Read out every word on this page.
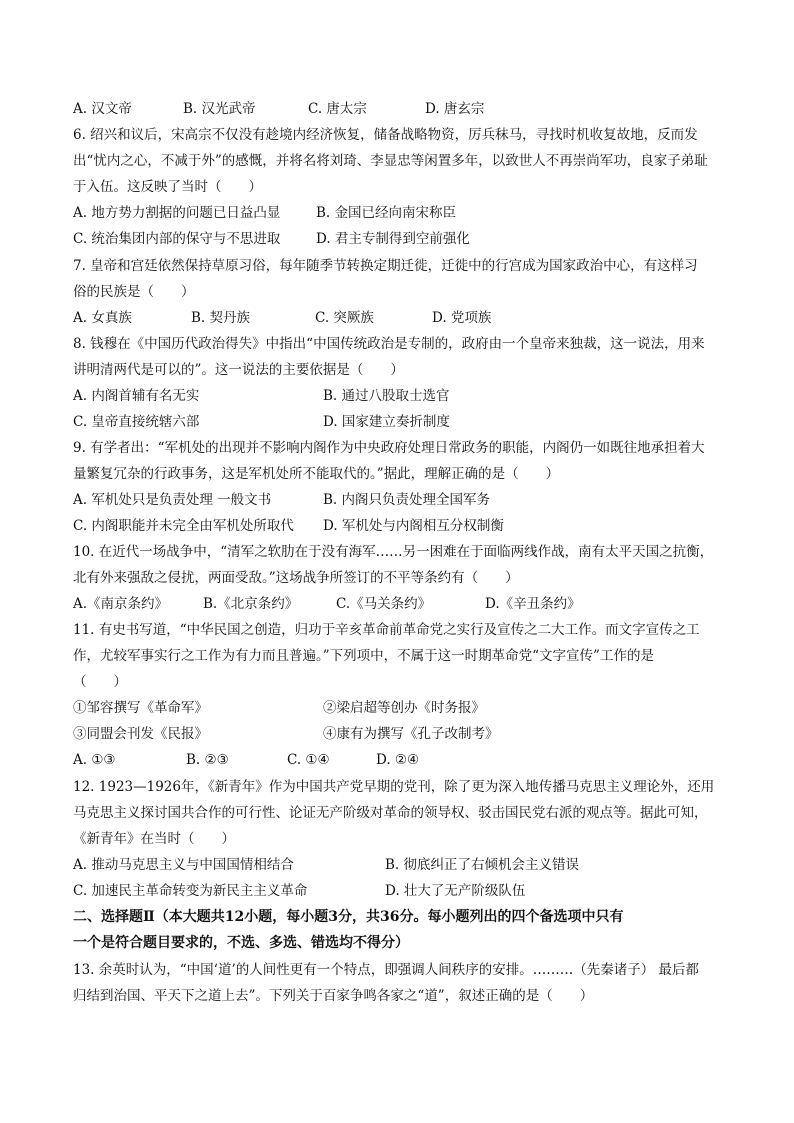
A. 汉文帝	B. 汉光武帝	C. 唐太宗	D. 唐玄宗
6. 绍兴和议后，宋高宗不仅没有趁境内经济恢复，储备战略物资，厉兵秣马，寻找时机收复故地，反而发
出“忧内之心，不减于外”的感慨，并将名将刘琦、李显忠等闲置多年，以致世人不再崇尚军功，良家子弟耻
于入伍。这反映了当时（　　）
A. 地方势力割据的问题已日益凸显	B. 金国已经向南宋称臣
C. 统治集团内部的保守与不思进取	D. 君主专制得到空前强化
7. 皇帝和宫廷依然保持草原习俗，每年随季节转换定期迁徙，迁徙中的行宫成为国家政治中心，有这样习
俗的民族是（　　）
A. 女真族	B. 契丹族	C. 突厥族	D. 党项族
8. 钱穆在《中国历代政治得失》中指出“中国传统政治是专制的，政府由一个皇帝来独裁，这一说法，用来
讲明清两代是可以的”。这一说法的主要依据是（　　）
A. 内阁首辅有名无实	B. 通过八股取士选官
C. 皇帝直接统辖六部	D. 国家建立奏折制度
9. 有学者出：“军机处的出现并不影响内阁作为中央政府处理日常政务的职能，内阁仍一如既往地承担着大
量繁复冗杂的行政事务，这是军机处所不能取代的。”据此，理解正确的是（　　）
A. 军机处只是负责处理 一般文书	B. 内阁只负责处理全国军务
C. 内阁职能并未完全由军机处所取代 D. 军机处与内阁相互分权制衡
10. 在近代一场战争中，“清军之软肋在于没有海军……另一困难在于面临两线作战，南有太平天国之抗衡，
北有外来强敌之侵扰，两面受敌。”这场战争所签订的不平等条约有（　　）
A.《南京条约》	B.《北京条约》	C.《马关条约》	D.《辛丑条约》
11. 有史书写道，“中华民国之创造，归功于辛亥革命前革命党之实行及宣传之二大工作。而文字宣传之工
作，尤较军事实行之工作为有力而且普遍。”下列项中，不属于这一时期革命党“文字宣传”工作的是
（　　）
①邹容撰写《革命军》	②梁启超等创办《时务报》
③同盟会刊发《民报》	④康有为撰写《孔子改制考》
A. ①③	B. ②③	C. ①④	D. ②④
12. 1923—1926年，《新青年》作为中国共产党早期的党刊，除了更为深入地传播马克思主义理论外，还用
马克思主义探讨国共合作的可行性、论证无产阶级对革命的领导权、驳击国民党右派的观点等。据此可知，
《新青年》在当时（　　）
A. 推动马克思主义与中国国情相结合	B. 彻底纠正了右倾机会主义错误
C. 加速民主革命转变为新民主主义革命	D. 壮大了无产阶级队伍
二、选择题Ⅱ（本大题共12小题，每小题3分，共36分。每小题列出的四个备选项中只有
一个是符合题目要求的，不选、多选、错选均不得分）
13. 余英时认为，“中国‘道’的人间性更有一个特点，即强调人间秩序的安排。………（先秦诸子） 最后都
归结到治国、平天下之道上去”。下列关于百家争鸣各家之“道”，叙述正确的是（　　）
